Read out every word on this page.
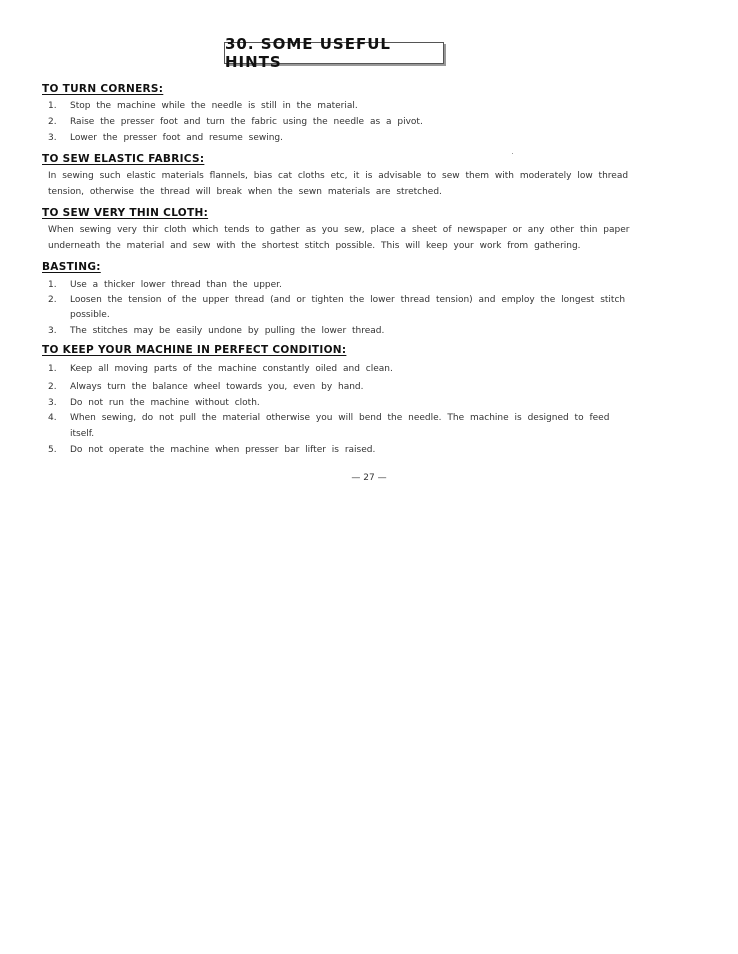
30. SOME USEFUL HINTS
TO TURN CORNERS:
1. Stop the machine while the needle is still in the material.
2. Raise the presser foot and turn the fabric using the needle as a pivot.
3. Lower the presser foot and resume sewing.
TO SEW ELASTIC FABRICS:
In sewing such elastic materials flannels, bias cat cloths etc, it is advisable to sew them with moderately low thread
tension, otherwise the thread will break when the sewn materials are stretched.
TO SEW VERY THIN CLOTH:
When sewing very thir cloth which tends to gather as you sew, place a sheet of newspaper or any other thin paper
underneath the material and sew with the shortest stitch possible. This will keep your work from gathering.
BASTING:
1. Use a thicker lower thread than the upper.
2. Loosen the tension of the upper thread (and or tighten the lower thread tension) and employ the longest stitch
possible.
3. The stitches may be easily undone by pulling the lower thread.
TO KEEP YOUR MACHINE IN PERFECT CONDITION:
1. Keep all moving parts of the machine constantly oiled and clean.
2. Always turn the balance wheel towards you, even by hand.
3. Do not run the machine without cloth.
4. When sewing, do not pull the material otherwise you will bend the needle. The machine is designed to feed
itself.
5. Do not operate the machine when presser bar lifter is raised.
— 27 —
